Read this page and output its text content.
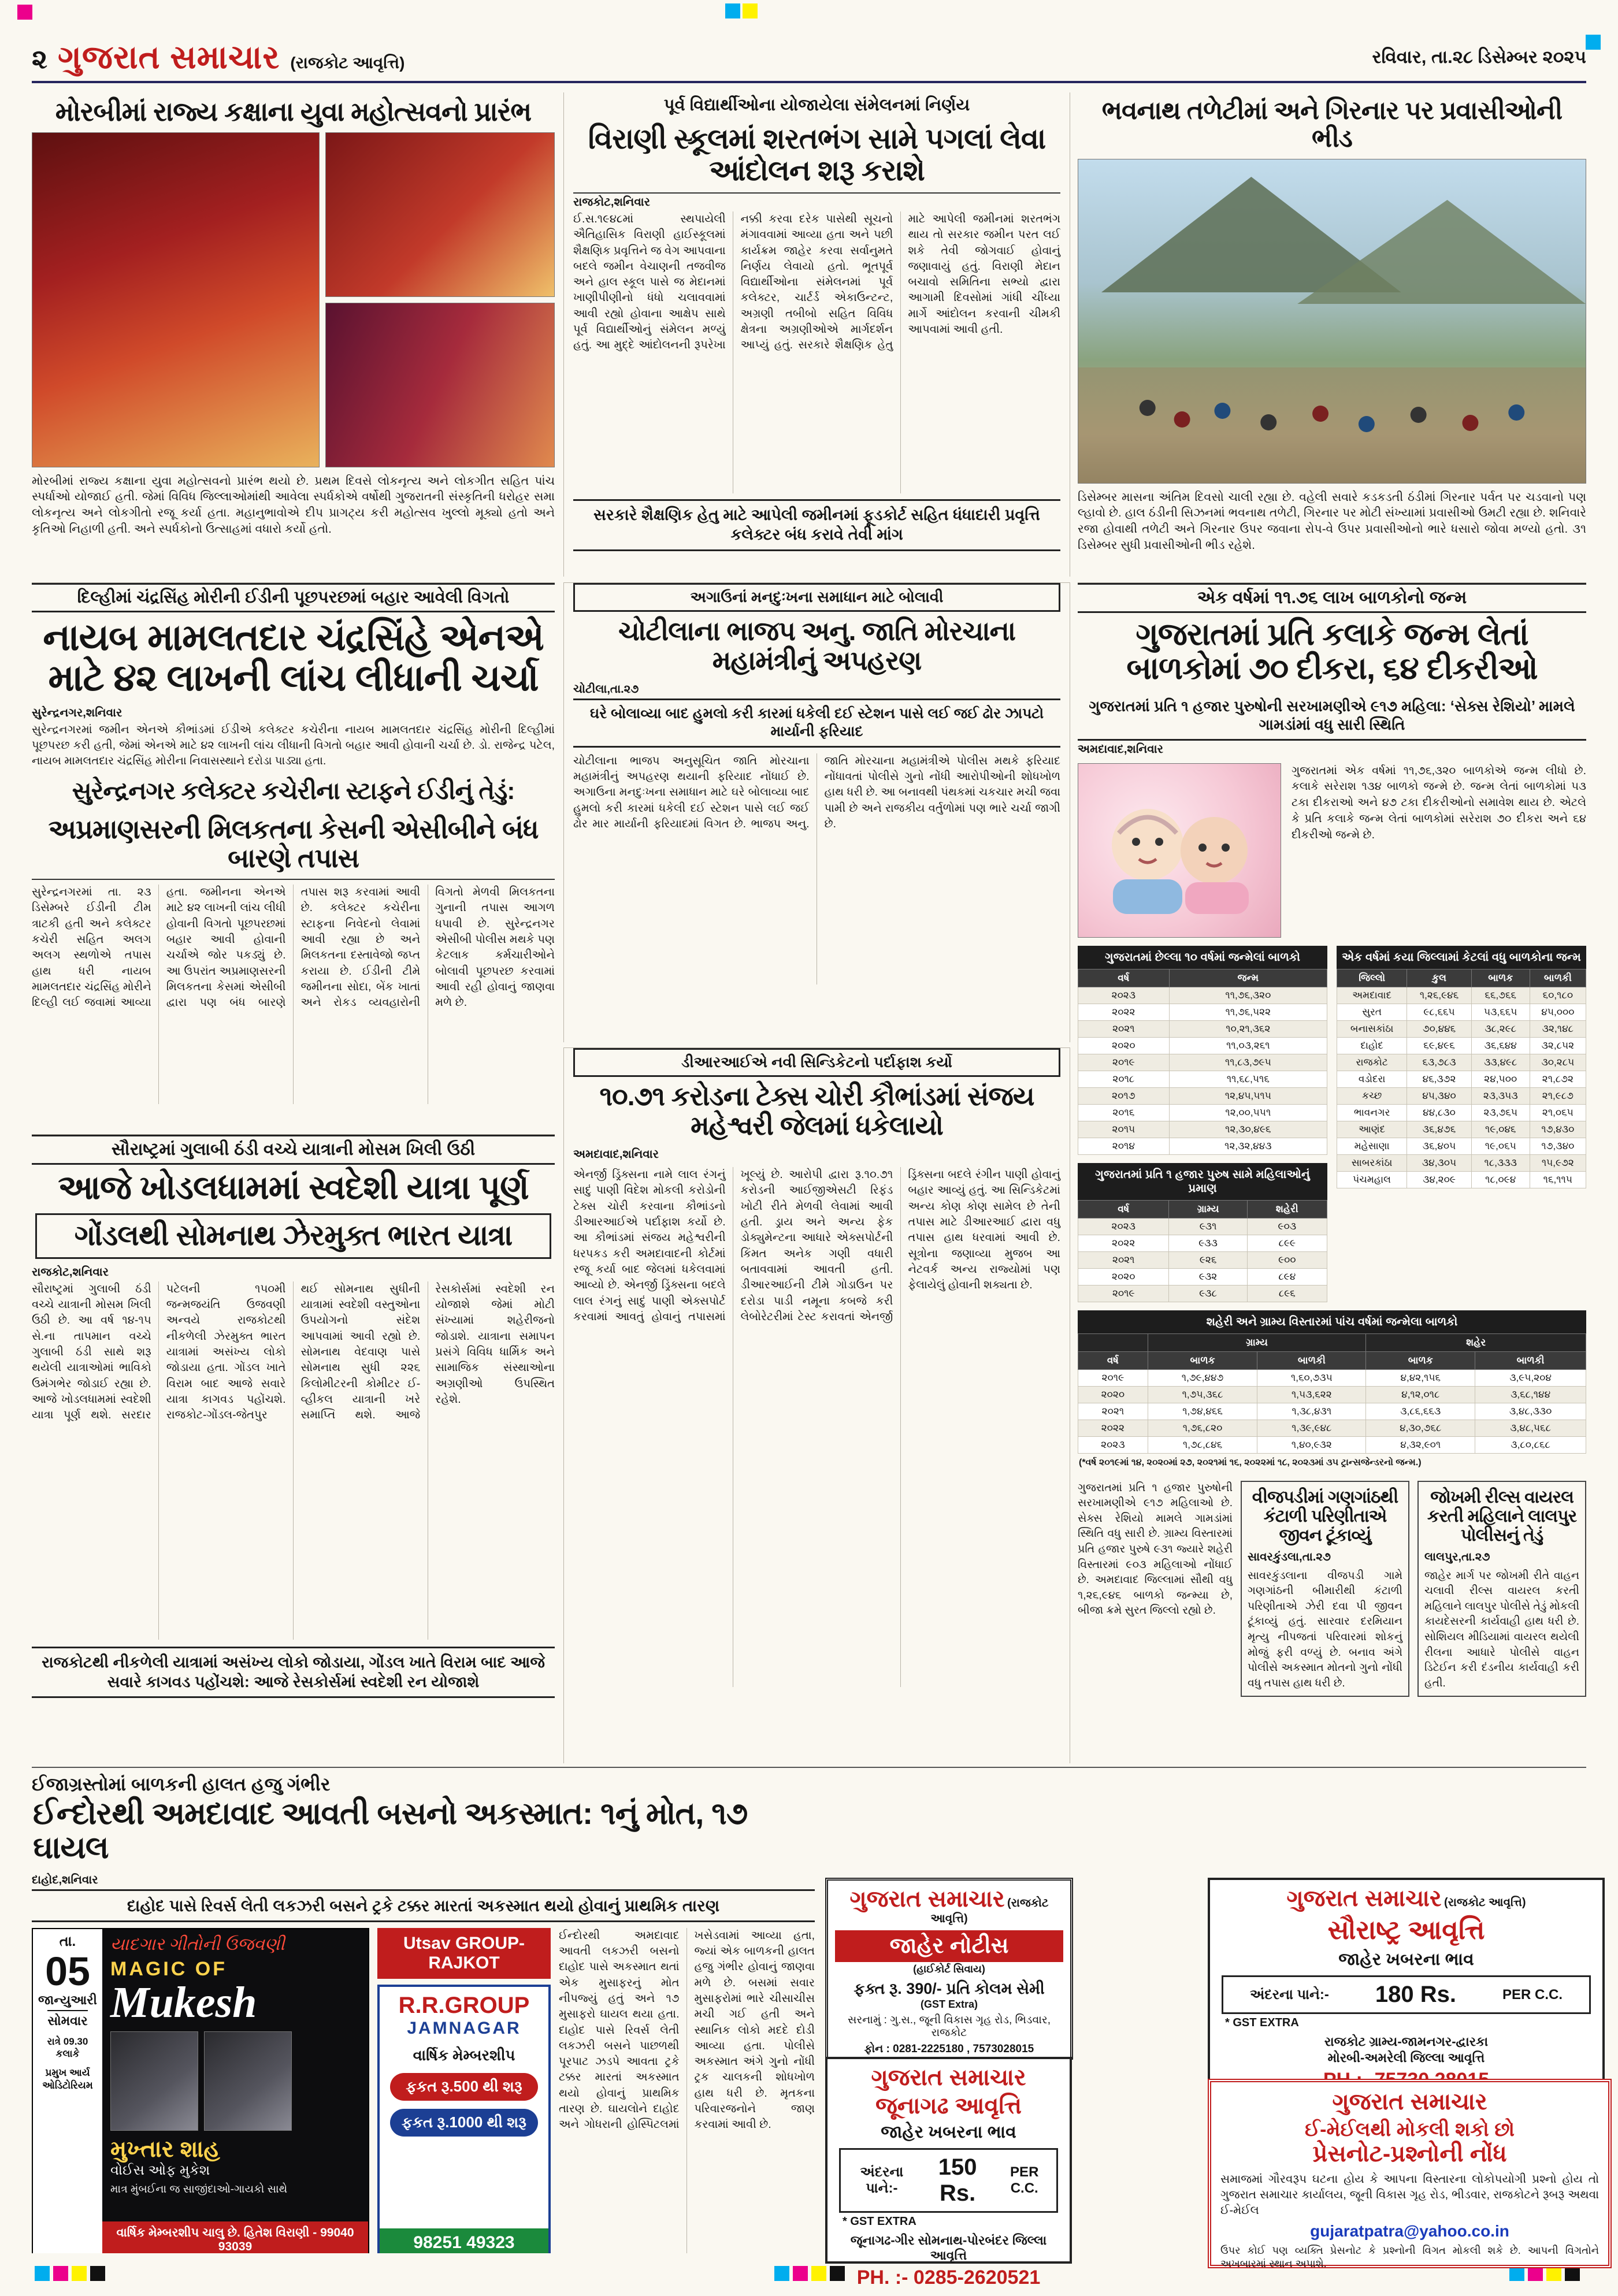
૨ ગુજરાત સમાચાર (રાજકોટ આવૃત્તિ)	રવિવાર, તા.૨૮ ડિસેમ્બર ૨૦૨૫
મોરબીમાં રાજ્ય કક્ષાના યુવા મહોત્સવનો પ્રારંભ
મોરબીમાં રાજ્ય કક્ષાના યુવા મહોત્સવનો પ્રારંભ થયો છે. પ્રથમ દિવસે લોકનૃત્ય અને લોકગીત સહિત પાંચ સ્પર્ધાઓ યોજાઈ હતી. જેમાં વિવિધ જિલ્લાઓમાંથી આવેલા સ્પર્ધકોએ વર્ષોથી ગુજરાતની સંસ્કૃતિની ધરોહર સમા લોકનૃત્ય અને લોકગીતો રજૂ કર્યા હતા. મહાનુભાવોએ દીપ પ્રાગટ્ય કરી મહોત્સવ ખુલ્લો મૂક્યો હતો અને કૃતિઓ નિહાળી હતી. અને સ્પર્ધકોનો ઉત્સાહમાં વધારો કર્યો હતો.
પૂર્વ વિદ્યાર્થીઓના યોજાયેલા સંમેલનમાં નિર્ણય
વિરાણી સ્કૂલમાં શરતભંગ સામે પગલાં લેવા આંદોલન શરૂ કરાશે
રાજકોટ,શનિવાર
ઈ.સ.૧૯૪૮માં સ્થપાયેલી ઐતિહાસિક વિરાણી હાઈસ્કૂલમાં શૈક્ષણિક પ્રવૃત્તિને જ વેગ આપવાના બદલે જમીન વેચાણની તજવીજ અને હાલ સ્કૂલ પાસે જ મેદાનમાં ખાણીપીણીનો ધંધો ચલાવવામાં આવી રહ્યો હોવાના આક્ષેપ સાથે પૂર્વ વિદ્યાર્થીઓનું સંમેલન મળ્યું હતું. આ મુદ્દે આંદોલનની રૂપરેખા નક્કી કરવા દરેક પાસેથી સૂચનો મંગાવવામાં આવ્યા હતા અને પછી કાર્યક્રમ જાહેર કરવા સર્વાનુમતે નિર્ણય લેવાયો હતો. ભૂતપૂર્વ વિદ્યાર્થીઓના સંમેલનમાં પૂર્વ કલેક્ટર, ચાર્ટર્ડ એકાઉન્ટન્ટ, અગ્રણી તબીબો સહિત વિવિધ ક્ષેત્રના અગ્રણીઓએ માર્ગદર્શન આપ્યું હતું. સરકારે શૈક્ષણિક હેતુ માટે આપેલી જમીનમાં શરતભંગ થાય તો સરકાર જમીન પરત લઈ શકે તેવી જોગવાઈ હોવાનું જણાવાયું હતું. વિરાણી મેદાન બચાવો સમિતિના સભ્યો દ્વારા આગામી દિવસોમાં ગાંધી ચીંધ્યા માર્ગે આંદોલન કરવાની ચીમકી આપવામાં આવી હતી.
સરકારે શૈક્ષણિક હેતુ માટે આપેલી જમીનમાં ફૂડકોર્ટ સહિત ધંધાદારી પ્રવૃત્તિ કલેક્ટર બંધ કરાવે તેવી માંગ
ભવનાથ તળેટીમાં અને ગિરનાર પર પ્રવાસીઓની ભીડ
ડિસેમ્બર માસના અંતિમ દિવસો ચાલી રહ્યા છે. વહેલી સવારે કડકડતી ઠંડીમાં ગિરનાર પર્વત પર ચડવાનો પણ લ્હાવો છે. હાલ ઠંડીની સિઝનમાં ભવનાથ તળેટી, ગિરનાર પર મોટી સંખ્યામાં પ્રવાસીઓ ઉમટી રહ્યા છે. શનિવારે રજા હોવાથી તળેટી અને ગિરનાર ઉપર જવાના રોપ-વે ઉપર પ્રવાસીઓનો ભારે ધસારો જોવા મળ્યો હતો. ૩૧ ડિસેમ્બર સુધી પ્રવાસીઓની ભીડ રહેશે.
દિલ્હીમાં ચંદ્રસિંહ મોરીની ઈડીની પૂછપરછમાં બહાર આવેલી વિગતો
નાયબ મામલતદાર ચંદ્રસિંહે એનએ માટે ૪૨ લાખની લાંચ લીધાની ચર્ચા
સુરેન્દ્રનગર,શનિવાર
સુરેન્દ્રનગરમાં જમીન એનએ કૌભાંડમાં ઈડીએ કલેક્ટર કચેરીના નાયબ મામલતદાર ચંદ્રસિંહ મોરીની દિલ્હીમાં પૂછપરછ કરી હતી, જેમાં એનએ માટે ૪૨ લાખની લાંચ લીધાની વિગતો બહાર આવી હોવાની ચર્ચા છે. ડો. રાજેન્દ્ર પટેલ, નાયબ મામલતદાર ચંદ્રસિંહ મોરીના નિવાસસ્થાને દરોડા પાડ્યા હતા.
સુરેન્દ્રનગર કલેક્ટર કચેરીના સ્ટાફને ઈડીનું તેડું:
અપ્રમાણસરની મિલકતના કેસની એસીબીને બંધ બારણે તપાસ
સુરેન્દ્રનગરમાં તા. ૨૩ ડિસેમ્બરે ઈડીની ટીમ ત્રાટકી હતી અને કલેક્ટર કચેરી સહિત અલગ અલગ સ્થળોએ તપાસ હાથ ધરી નાયબ મામલતદાર ચંદ્રસિંહ મોરીને દિલ્હી લઈ જવામાં આવ્યા હતા. જમીનના એનએ માટે ૪૨ લાખની લાંચ લીધી હોવાની વિગતો પૂછપરછમાં બહાર આવી હોવાની ચર્ચાએ જોર પકડ્યું છે. આ ઉપરાંત અપ્રમાણસરની મિલકતના કેસમાં એસીબી દ્વારા પણ બંધ બારણે તપાસ શરૂ કરવામાં આવી છે. કલેક્ટર કચેરીના સ્ટાફના નિવેદનો લેવામાં આવી રહ્યા છે અને મિલકતના દસ્તાવેજો જપ્ત કરાયા છે. ઈડીની ટીમે જમીનના સોદા, બેંક ખાતાં અને રોકડ વ્યવહારોની વિગતો મેળવી મિલકતના ગુનાની તપાસ આગળ ધપાવી છે. સુરેન્દ્રનગર એસીબી પોલીસ મથકે પણ કેટલાક કર્મચારીઓને બોલાવી પૂછપરછ કરવામાં આવી રહી હોવાનું જાણવા મળે છે.
અગાઉનાં મનદુઃખના સમાધાન માટે બોલાવી
ચોટીલાના ભાજપ અનુ. જાતિ મોરચાના મહામંત્રીનું અપહરણ
ચોટીલા,તા.૨૭
ઘરે બોલાવ્યા બાદ હુમલો કરી કારમાં ધકેલી દઈ સ્ટેશન પાસે લઈ જઈ ઢોર ઝાપટો માર્યાની ફરિયાદ
ચોટીલાના ભાજપ અનુસૂચિત જાતિ મોરચાના મહામંત્રીનું અપહરણ થયાની ફરિયાદ નોંધાઈ છે. અગાઉના મનદુઃખના સમાધાન માટે ઘરે બોલાવ્યા બાદ હુમલો કરી કારમાં ધકેલી દઈ સ્ટેશન પાસે લઈ જઈ ઢોર માર માર્યાની ફરિયાદમાં વિગત છે. ભાજપ અનુ. જાતિ મોરચાના મહામંત્રીએ પોલીસ મથકે ફરિયાદ નોંધાવતાં પોલીસે ગુનો નોંધી આરોપીઓની શોધખોળ હાથ ધરી છે. આ બનાવથી પંથકમાં ચકચાર મચી જવા પામી છે અને રાજકીય વર્તુળોમાં પણ ભારે ચર્ચા જાગી છે.
એક વર્ષમાં ૧૧.૭૬ લાખ બાળકોનો જન્મ
ગુજરાતમાં પ્રતિ કલાકે જન્મ લેતાં બાળકોમાં ૭૦ દીકરા, ૬૪ દીકરીઓ
ગુજરાતમાં પ્રતિ ૧ હજાર પુરુષોની સરખામણીએ ૯૧૭ મહિલા: ‘સેક્સ રેશિયો’ મામલે ગામડાંમાં વધુ સારી સ્થિતિ
અમદાવાદ,શનિવાર
ગુજરાતમાં એક વર્ષમાં ૧૧,૭૬,૩૨૦ બાળકોએ જન્મ લીધો છે. કલાકે સરેરાશ ૧૩૪ બાળકો જન્મે છે. જન્મ લેતાં બાળકોમાં ૫૩ ટકા દીકરાઓ અને ૪૭ ટકા દીકરીઓનો સમાવેશ થાય છે. એટલે કે પ્રતિ કલાકે જન્મ લેતાં બાળકોમાં સરેરાશ ૭૦ દીકરા અને ૬૪ દીકરીઓ જન્મે છે.
ગુજરાતમાં છેલ્લા ૧૦ વર્ષમાં જન્મેલાં બાળકો
વર્ષ	જન્મ
૨૦૨૩	૧૧,૭૬,૩૨૦
૨૦૨૨	૧૧,૭૬,૫૨૨
૨૦૨૧	૧૦,૨૧,૩૬૨
૨૦૨૦	૧૧,૦૩,૨૬૧
૨૦૧૯	૧૧,૮૩,૭૯૫
૨૦૧૮	૧૧,૬૮,૫૧૬
૨૦૧૭	૧૨,૪૫,૫૧૫
૨૦૧૬	૧૨,૦૦,૫૫૧
૨૦૧૫	૧૨,૩૦,૪૯૬
૨૦૧૪	૧૨,૩૨,૪૪૩
ગુજરાતમાં પ્રતિ ૧ હજાર પુરુષ સામે મહિલાઓનું પ્રમાણ
વર્ષ	ગ્રામ્ય	શહેરી
૨૦૨૩	૯૩૧	૯૦૩
૨૦૨૨	૯૩૩	૮૯૯
૨૦૨૧	૯૨૬	૯૦૦
૨૦૨૦	૯૩૨	૮૯૪
૨૦૧૯	૯૩૮	૮૯૬
એક વર્ષમાં કયા જિલ્લામાં કેટલાં વધુ બાળકોના જન્મ
જિલ્લો	કુલ	બાળક	બાળકી
અમદાવાદ	૧,૨૬,૯૪૬	૬૬,૭૬૬	૬૦,૧૮૦
સુરત	૯૮,૬૬૫	૫૩,૬૬૫	૪૫,૦૦૦
બનાસકાંઠા	૭૦,૪૪૬	૩૮,૨૯૮	૩૨,૧૪૮
દાહોદ	૬૯,૪૯૬	૩૬,૬૪૪	૩૨,૮૫૨
રાજકોટ	૬૩,૭૮૩	૩૩,૪૯૮	૩૦,૨૮૫
વડોદરા	૪૬,૩૭૨	૨૪,૫૦૦	૨૧,૮૭૨
કચ્છ	૪૫,૩૪૦	૨૩,૩૫૩	૨૧,૯૮૭
ભાવનગર	૪૪,૮૩૦	૨૩,૭૬૫	૨૧,૦૬૫
આણંદ	૩૬,૪૭૬	૧૯,૦૪૬	૧૭,૪૩૦
મહેસાણા	૩૬,૪૦૫	૧૯,૦૬૫	૧૭,૩૪૦
સાબરકાંઠા	૩૪,૩૦૫	૧૮,૩૩૩	૧૫,૯૭૨
પંચમહાલ	૩૪,૨૦૯	૧૮,૦૯૪	૧૬,૧૧૫
શહેરી અને ગ્રામ્ય વિસ્તારમાં પાંચ વર્ષમાં જન્મેલા બાળકો
	ગ્રામ્ય		શહેર	
વર્ષ	બાળક	બાળકી	બાળક	બાળકી
૨૦૧૯	૧,૭૯,૪૪૭	૧,૬૦,૭૩૫	૪,૪૨,૧૫૬	૩,૯૫,૨૦૪
૨૦૨૦	૧,૭૫,૩૬૮	૧,૫૩,૬૨૨	૪,૧૨,૦૧૮	૩,૬૮,૧૪૪
૨૦૨૧	૧,૭૪,૪૬૬	૧,૩૮,૪૩૧	૩,૮૬,૬૬૩	૩,૪૮,૩૩૦
૨૦૨૨	૧,૭૬,૮૨૦	૧,૩૯,૯૪૮	૪,૩૦,૭૬૮	૩,૪૮,૫૬૮
૨૦૨૩	૧,૭૮,૮૪૬	૧,૪૦,૯૩૨	૪,૩૨,૯૦૧	૩,૮૦,૮૬૮
(*વર્ષ ૨૦૧૯માં ૧૪, ૨૦૨૦માં ૨૭, ૨૦૨૧માં ૧૬, ૨૦૨૨માં ૧૮, ૨૦૨૩માં ૩૫ ટ્રાન્સજેન્ડરનો જન્મ.)
ગુજરાતમાં પ્રતિ ૧ હજાર પુરુષોની સરખામણીએ ૯૧૭ મહિલાઓ છે. સેક્સ રેશિયો મામલે ગામડાંમાં સ્થિતિ વધુ સારી છે. ગ્રામ્ય વિસ્તારમાં પ્રતિ હજાર પુરુષે ૯૩૧ જ્યારે શહેરી વિસ્તારમાં ૯૦૩ મહિલાઓ નોંધાઈ છે. અમદાવાદ જિલ્લામાં સૌથી વધુ ૧,૨૬,૯૪૬ બાળકો જન્મ્યા છે, બીજા ક્રમે સુરત જિલ્લો રહ્યો છે.
વીજપડીમાં ગણગાંઠથી કંટાળી પરિણીતાએ જીવન ટૂંકાવ્યું
સાવરકુંડલા,તા.૨૭

સાવરકુંડલાના વીજપડી ગામે ગણગાંઠની બીમારીથી કંટાળી પરિણીતાએ ઝેરી દવા પી જીવન ટૂંકાવ્યું હતું. સારવાર દરમિયાન મૃત્યુ નીપજતાં પરિવારમાં શોકનું મોજું ફરી વળ્યું છે. બનાવ અંગે પોલીસે અકસ્માત મોતનો ગુનો નોંધી વધુ તપાસ હાથ ધરી છે.

જોખમી રીલ્સ વાયરલ કરતી મહિલાને લાલપુર પોલીસનું તેડું
લાલપુર,તા.૨૭

જાહેર માર્ગ પર જોખમી રીતે વાહન ચલાવી રીલ્સ વાયરલ કરતી મહિલાને લાલપુર પોલીસે તેડું મોકલી કાયદેસરની કાર્યવાહી હાથ ધરી છે. સોશિયલ મીડિયામાં વાયરલ થયેલી રીલના આધારે પોલીસે વાહન ડિટેઈન કરી દંડનીય કાર્યવાહી કરી હતી.

સૌરાષ્ટ્રમાં ગુલાબી ઠંડી વચ્ચે યાત્રાની મોસમ ખિલી ઉઠી
આજે ખોડલધામમાં સ્વદેશી યાત્રા પૂર્ણ
ગોંડલથી સોમનાથ ઝેરમુક્ત ભારત યાત્રા
રાજકોટ,શનિવાર
સૌરાષ્ટ્રમાં ગુલાબી ઠંડી વચ્ચે યાત્રાની મોસમ ખિલી ઉઠી છે. આ વર્ષ ૧૪-૧૫ સે.ના તાપમાન વચ્ચે ગુલાબી ઠંડી સાથે શરૂ થયેલી યાત્રાઓમાં ભાવિકો ઉમંગભેર જોડાઈ રહ્યા છે. આજે ખોડલધામમાં સ્વદેશી યાત્રા પૂર્ણ થશે. સરદાર પટેલની ૧૫૦મી જન્મજયંતિ ઉજવણી અન્વયે રાજકોટથી નીકળેલી ઝેરમુક્ત ભારત યાત્રામાં અસંખ્ય લોકો જોડાયા હતા. ગોંડલ ખાતે વિરામ બાદ આજે સવારે યાત્રા કાગવડ પહોંચશે. રાજકોટ-ગોંડલ-જેતપુર થઈ સોમનાથ સુધીની યાત્રામાં સ્વદેશી વસ્તુઓના ઉપયોગનો સંદેશ આપવામાં આવી રહ્યો છે. સોમનાથ વેદવાણ પાસે સોમનાથ સુધી ૨૨૬ કિલોમીટરની કોમીટર ઈ-વ્હીકલ યાત્રાની ખરે સમાપ્તિ થશે. આજે રેસકોર્સમાં સ્વદેશી રન યોજાશે જેમાં મોટી સંખ્યામાં શહેરીજનો જોડાશે. યાત્રાના સમાપન પ્રસંગે વિવિધ ધાર્મિક અને સામાજિક સંસ્થાઓના અગ્રણીઓ ઉપસ્થિત રહેશે.
રાજકોટથી નીકળેલી યાત્રામાં અસંખ્ય લોકો જોડાયા, ગોંડલ ખાતે વિરામ બાદ આજે સવારે કાગવડ પહોંચશે: આજે રેસકોર્સમાં સ્વદેશી રન યોજાશે
ડીઆરઆઈએ નવી સિન્ડિકેટનો પર્દાફાશ કર્યો
૧૦.૭૧ કરોડના ટેક્સ ચોરી કૌભાંડમાં સંજય મહેશ્વરી જેલમાં ધકેલાયો
અમદાવાદ,શનિવાર
એનર્જી ડ્રિંક્સના નામે લાલ રંગનું સાદું પાણી વિદેશ મોકલી કરોડોની ટેક્સ ચોરી કરવાના કૌભાંડનો ડીઆરઆઈએ પર્દાફાશ કર્યો છે. આ કૌભાંડમાં સંજય મહેશ્વરીની ધરપકડ કરી અમદાવાદની કોર્ટમાં રજૂ કર્યા બાદ જેલમાં ધકેલવામાં આવ્યો છે. એનર્જી ડ્રિંક્સના બદલે લાલ રંગનું સાદું પાણી એક્સપોર્ટ કરવામાં આવતું હોવાનું તપાસમાં ખૂલ્યું છે. આરોપી દ્વારા રૂ.૧૦.૭૧ કરોડની આઈજીએસટી રિફંડ ખોટી રીતે મેળવી લેવામાં આવી હતી. ડ્રાય અને અન્ય ફેક ડોક્યુમેન્ટના આધારે એક્સપોર્ટની કિંમત અનેક ગણી વધારી બતાવવામાં આવતી હતી. ડીઆરઆઈની ટીમે ગોડાઉન પર દરોડા પાડી નમૂના કબજે કરી લેબોરેટરીમાં ટેસ્ટ કરાવતાં એનર્જી ડ્રિંક્સના બદલે રંગીન પાણી હોવાનું બહાર આવ્યું હતું. આ સિન્ડિકેટમાં અન્ય કોણ કોણ સામેલ છે તેની તપાસ માટે ડીઆરઆઈ દ્વારા વધુ તપાસ હાથ ધરવામાં આવી છે. સૂત્રોના જણાવ્યા મુજબ આ નેટવર્ક અન્ય રાજ્યોમાં પણ ફેલાયેલું હોવાની શક્યતા છે.
ઈજાગ્રસ્તોમાં બાળકની હાલત હજુ ગંભીર
ઈન્દોરથી અમદાવાદ આવતી બસનો અકસ્માત: ૧નું મોત, ૧૭ ઘાયલ
દાહોદ,શનિવાર
દાહોદ પાસે રિવર્સ લેતી લકઝરી બસને ટ્રકે ટક્કર મારતાં અકસ્માત થયો હોવાનું પ્રાથમિક તારણ
તા.
05
જાન્યુઆરી
સોમવાર
રાત્રે 09.30 કલાકે
પ્રમુખ આર્ય ઓડિટોરિયમ
યાદગાર ગીતોની ઉજવણી
MAGIC OF
Mukesh
મુખ્તાર શાહ
વોઈસ ઓફ મુકેશ
માત્ર મુંબઈના જ સાજીંદાઓ-ગાયકો સાથે
વાર્ષિક મેમ્બરશીપ ચાલુ છે. હિતેશ વિરાણી - 99040 93039
Utsav GROUP-RAJKOT
R.R.GROUP
JAMNAGAR
વાર્ષિક મેમ્બરશીપ
ફકત રૂ.500 થી શરૂ
ફકત રૂ.1000 થી શરૂ
98251 49323
ઈન્દોરથી અમદાવાદ આવતી લકઝરી બસનો દાહોદ પાસે અકસ્માત થતાં એક મુસાફરનું મોત નીપજ્યું હતું અને ૧૭ મુસાફરો ઘાયલ થયા હતા. દાહોદ પાસે રિવર્સ લેતી લકઝરી બસને પાછળથી પૂરપાટ ઝડપે આવતા ટ્રકે ટક્કર મારતાં અકસ્માત થયો હોવાનું પ્રાથમિક તારણ છે. ઘાયલોને દાહોદ અને ગોધરાની હોસ્પિટલમાં ખસેડવામાં આવ્યા હતા, જ્યાં એક બાળકની હાલત હજુ ગંભીર હોવાનું જાણવા મળે છે. બસમાં સવાર મુસાફરોમાં ભારે ચીસાચીસ મચી ગઈ હતી અને સ્થાનિક લોકો મદદે દોડી આવ્યા હતા. પોલીસે અકસ્માત અંગે ગુનો નોંધી ટ્રક ચાલકની શોધખોળ હાથ ધરી છે. મૃતકના પરિવારજનોને જાણ કરવામાં આવી છે.
ગુજરાત સમાચાર (રાજકોટ આવૃત્તિ)
જાહેર નોટીસ
(હાઈકોર્ટ સિવાય)
ફક્ત રૂ. 390/- પ્રતિ કોલમ સેમી
(GST Extra)
સરનામું : ગુ.સ., જૂની વિકાસ ગૃહ રોડ, ભિડવાર, રાજકોટ
ફોન : 0281-2225180 , 7573028015
ગુજરાત સમાચાર
જૂનાગઢ આવૃત્તિ
જાહેર ખબરના ભાવ
અંદરના પાને:-
150 Rs.
PER C.C.
* GST EXTRA
જૂનાગઢ-ગીર સોમનાથ-પોરબંદર જિલ્લા આવૃત્તિ
PH. :- 0285-2620521
ગુજરાત સમાચાર (રાજકોટ આવૃત્તિ)
સૌરાષ્ટ્ર આવૃત્તિ
જાહેર ખબરના ભાવ
અંદરના પાને:- 180 Rs.	PER C.C.
* GST EXTRA
રાજકોટ ગ્રામ્ય-જામનગર-દ્વારકા
મોરબી-અમરેલી જિલ્લા આવૃત્તિ
ગુજરાત સમાચાર
ઈ-મેઈલથી મોકલી શકો છો
પ્રેસનોટ-પ્રશ્નોની નોંધ
સમાજમાં ગૌરવરૂપ ઘટના હોય કે આપના વિસ્તારના લોકોપયોગી પ્રશ્નો હોય તો ગુજરાત સમાચાર કાર્યાલય, જૂની વિકાસ ગૃહ રોડ, ભીડવાર, રાજકોટને રૂબરૂ અથવા ઈ-મેઈલ
gujaratpatra@yahoo.co.in
ઉપર કોઈ પણ વ્યક્તિ પ્રેસનોટ કે પ્રશ્નોની વિગત મોકલી શકે છે. આપની વિગતોને અખબારમાં સ્થાન અપાશે.
